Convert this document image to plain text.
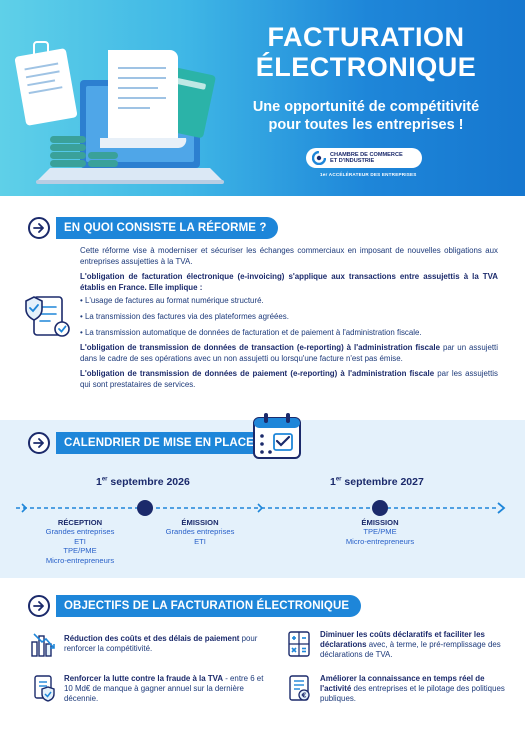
FACTURATION
ÉLECTRONIQUE
Une opportunité de compétitivité
pour toutes les entreprises !
CHAMBRE DE COMMERCE
ET D'INDUSTRIE
1er ACCÉLÉRATEUR DES ENTREPRISES
EN QUOI CONSISTE LA RÉFORME ?

Cette réforme vise à moderniser et sécuriser les échanges commerciaux en imposant de nouvelles obligations aux entreprises assujetties à la TVA.

L'obligation de facturation électronique (e-invoicing) s'applique aux transactions entre assujettis à la TVA établis en France. Elle implique :

• L'usage de factures au format numérique structuré.

• La transmission des factures via des plateformes agréées.

• La transmission automatique de données de facturation et de paiement à l'administration fiscale.

L'obligation de transmission de données de transaction (e-reporting) à l'administration fiscale par un assujetti dans le cadre de ses opérations avec un non assujetti ou lorsqu'une facture n'est pas émise.

L'obligation de transmission de données de paiement (e-reporting) à l'administration fiscale par les assujettis qui sont prestataires de services.

CALENDRIER DE MISE EN PLACE
1er septembre 2026	1er septembre 2027
RÉCEPTION
Grandes entreprises
ETI
TPE/PME
Micro-entrepreneurs
ÉMISSION
Grandes entreprises
ETI
ÉMISSION
TPE/PME
Micro-entrepreneurs
OBJECTIFS DE LA FACTURATION ÉLECTRONIQUE
Réduction des coûts et des délais de paiement pour renforcer la compétitivité.
Renforcer la lutte contre la fraude à la TVA - entre 6 et 10 Md€ de manque à gagner annuel sur la dernière décennie.
Diminuer les coûts déclaratifs et faciliter les déclarations avec, à terme, le pré-remplissage des déclarations de TVA.
€
Améliorer la connaissance en temps réel de l'activité des entreprises et le pilotage des politiques publiques.
